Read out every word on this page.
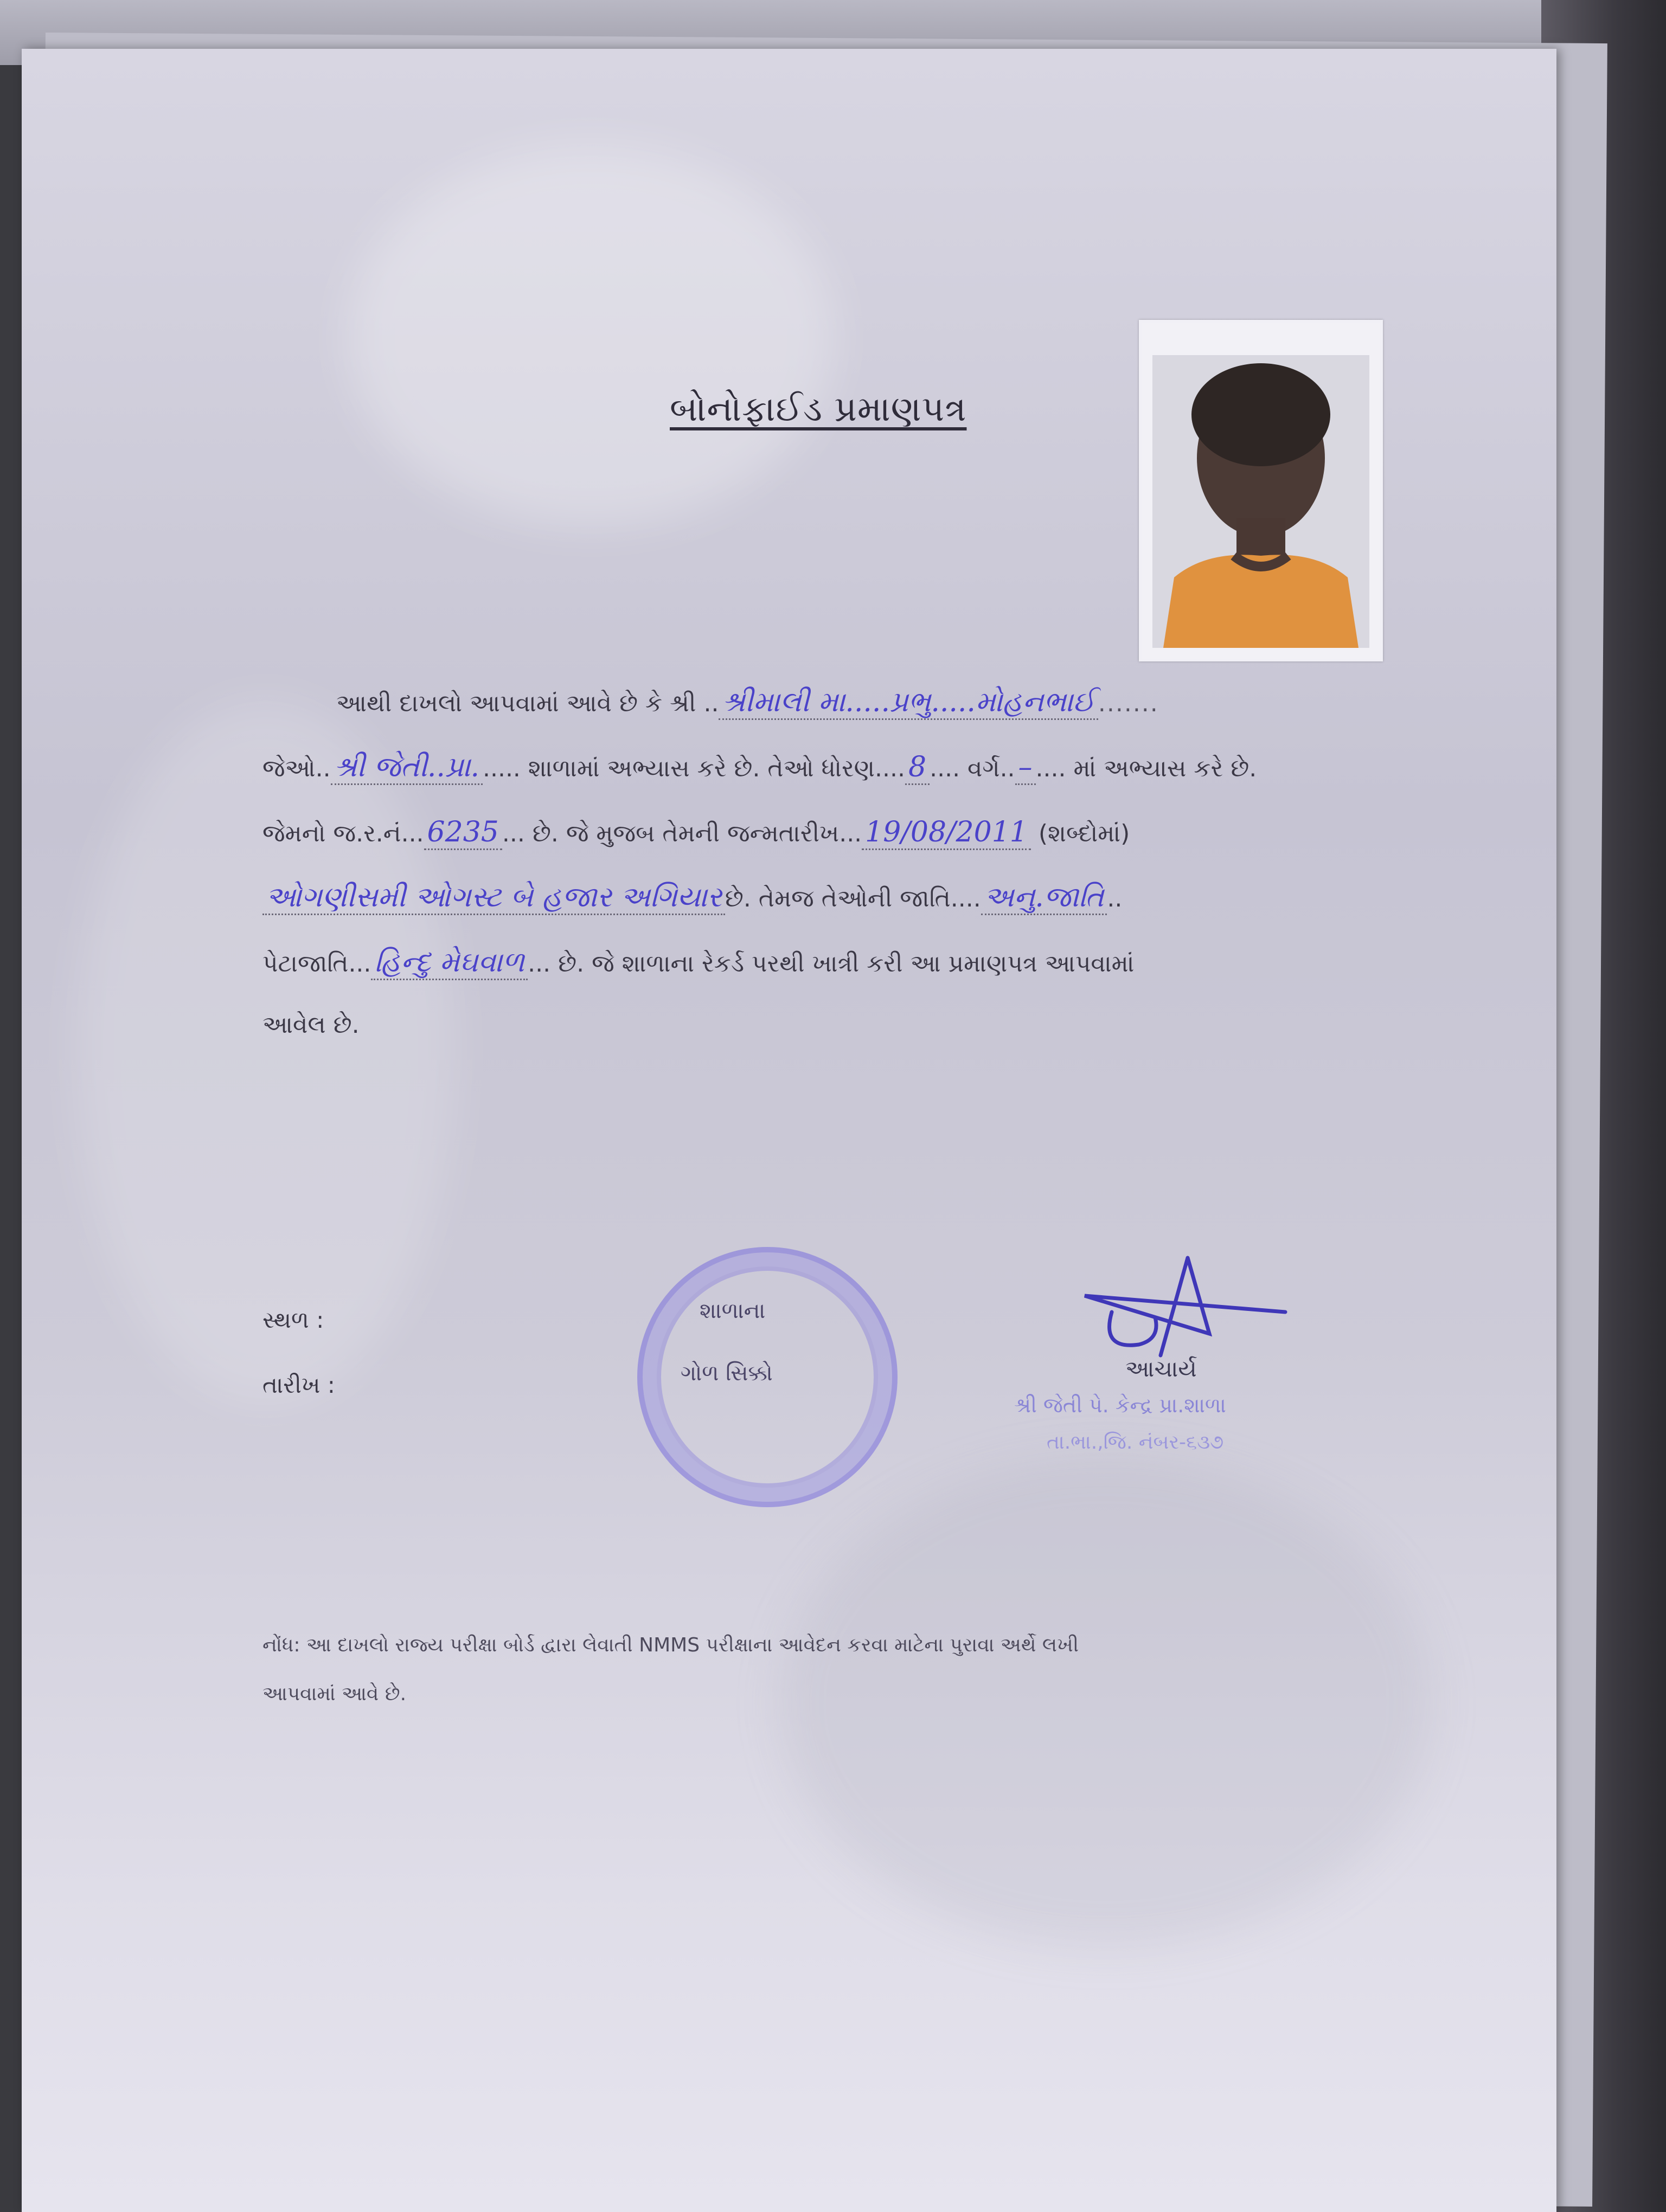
બોનોફાઈડ પ્રમાણપત્ર
આથી દાખલો આપવામાં આવે છે કે શ્રી .. શ્રીમાલી મા.....પ્રભુ.....મોહનભાઈ .......
જેઓ.. શ્રી જેતી..પ્રા. ..... શાળામાં અભ્યાસ કરે છે. તેઓ ધોરણ.... 8 .... વર્ગ.. – .... માં અભ્યાસ કરે છે.
જેમનો જ.ર.નં... 6235 ... છે. જે મુજબ તેમની જન્મતારીખ... 19/08/2011 (શબ્દોમાં)
ઓગણીસમી ઓગસ્ટ બે હજાર અગિયાર છે. તેમજ તેઓની જાતિ.... અનુ.જાતિ ..
પેટાજાતિ... હિન્દુ મેઘવાળ ... છે. જે શાળાના રેકર્ડ પરથી ખાત્રી કરી આ પ્રમાણપત્ર આપવામાં
આવેલ છે.
સ્થળ :
તારીખ :
શાળાના
ગોળ સિક્કો	આચાર્ય
શ્રી જેતી પે. કેન્દ્ર પ્રા.શાળા
તા.ભા.,જિ. નંબર-૬૩૭
નોંધ: આ દાખલો રાજ્ય પરીક્ષા બોર્ડ દ્વારા લેવાતી NMMS પરીક્ષાના આવેદન કરવા માટેના પુરાવા અર્થે લખી
આપવામાં આવે છે.
